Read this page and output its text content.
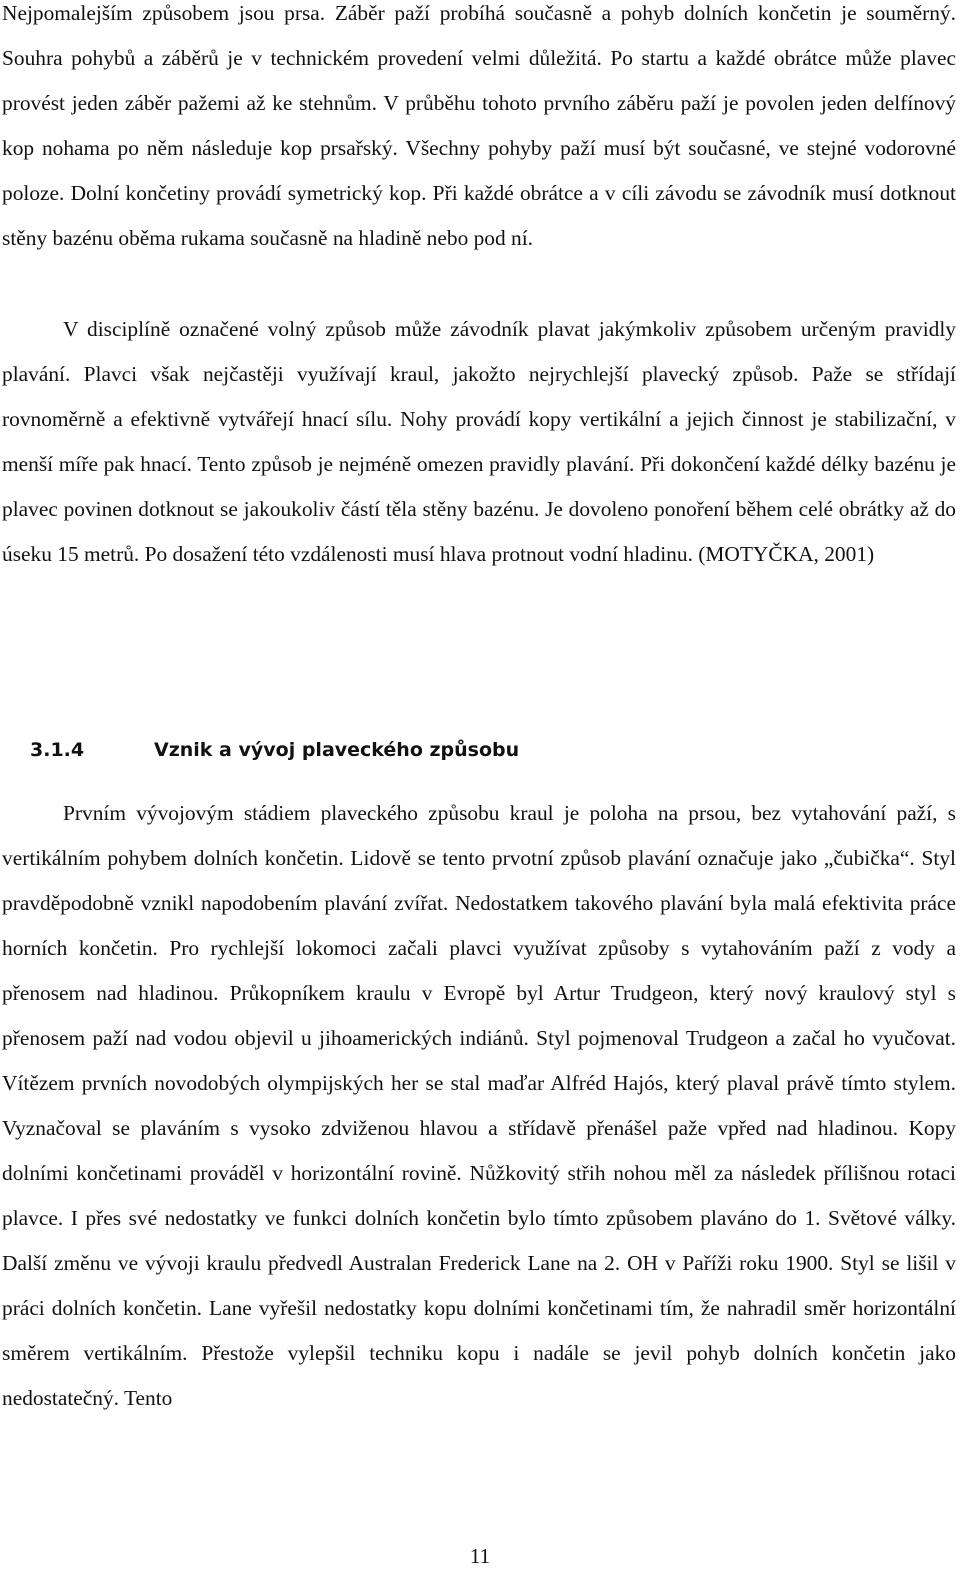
Nejpomalejším způsobem jsou prsa. Záběr paží probíhá současně a pohyb dolních končetin je souměrný. Souhra pohybů a záběrů je v technickém provedení velmi důležitá. Po startu a každé obrátce může plavec provést jeden záběr pažemi až ke stehnům. V průběhu tohoto prvního záběru paží je povolen jeden delfínový kop nohama po něm následuje kop prsařský. Všechny pohyby paží musí být současné, ve stejné vodorovné poloze. Dolní končetiny provádí symetrický kop. Při každé obrátce a v cíli závodu se závodník musí dotknout stěny bazénu oběma rukama současně na hladině nebo pod ní.

V disciplíně označené volný způsob může závodník plavat jakýmkoliv způsobem určeným pravidly plavání. Plavci však nejčastěji využívají kraul, jakožto nejrychlejší plavecký způsob. Paže se střídají rovnoměrně a efektivně vytvářejí hnací sílu. Nohy provádí kopy vertikální a jejich činnost je stabilizační, v menší míře pak hnací. Tento způsob je nejméně omezen pravidly plavání. Při dokončení každé délky bazénu je plavec povinen dotknout se jakoukoliv částí těla stěny bazénu. Je dovoleno ponoření během celé obrátky až do úseku 15 metrů. Po dosažení této vzdálenosti musí hlava protnout vodní hladinu. (MOTYČKA, 2001)

3.1.4	Vznik a vývoj plaveckého způsobu

Prvním vývojovým stádiem plaveckého způsobu kraul je poloha na prsou, bez vytahování paží, s vertikálním pohybem dolních končetin. Lidově se tento prvotní způsob plavání označuje jako „čubička“. Styl pravděpodobně vznikl napodobením plavání zvířat. Nedostatkem takového plavání byla malá efektivita práce horních končetin. Pro rychlejší lokomoci začali plavci využívat způsoby s vytahováním paží z vody a přenosem nad hladinou. Průkopníkem kraulu v Evropě byl Artur Trudgeon, který nový kraulový styl s přenosem paží nad vodou objevil u jihoamerických indiánů. Styl pojmenoval Trudgeon a začal ho vyučovat. Vítězem prvních novodobých olympijských her se stal maďar Alfréd Hajós, který plaval právě tímto stylem. Vyznačoval se plaváním s vysoko zdviženou hlavou a střídavě přenášel paže vpřed nad hladinou. Kopy dolními končetinami prováděl v horizontální rovině. Nůžkovitý střih nohou měl za následek přílišnou rotaci plavce. I přes své nedostatky ve funkci dolních končetin bylo tímto způsobem plaváno do 1. Světové války. Další změnu ve vývoji kraulu předvedl Australan Frederick Lane na 2. OH v Paříži roku 1900. Styl se lišil v práci dolních končetin. Lane vyřešil nedostatky kopu dolními končetinami tím, že nahradil směr horizontální směrem vertikálním. Přestože vylepšil techniku kopu i nadále se jevil pohyb dolních končetin jako nedostatečný. Tento

11
